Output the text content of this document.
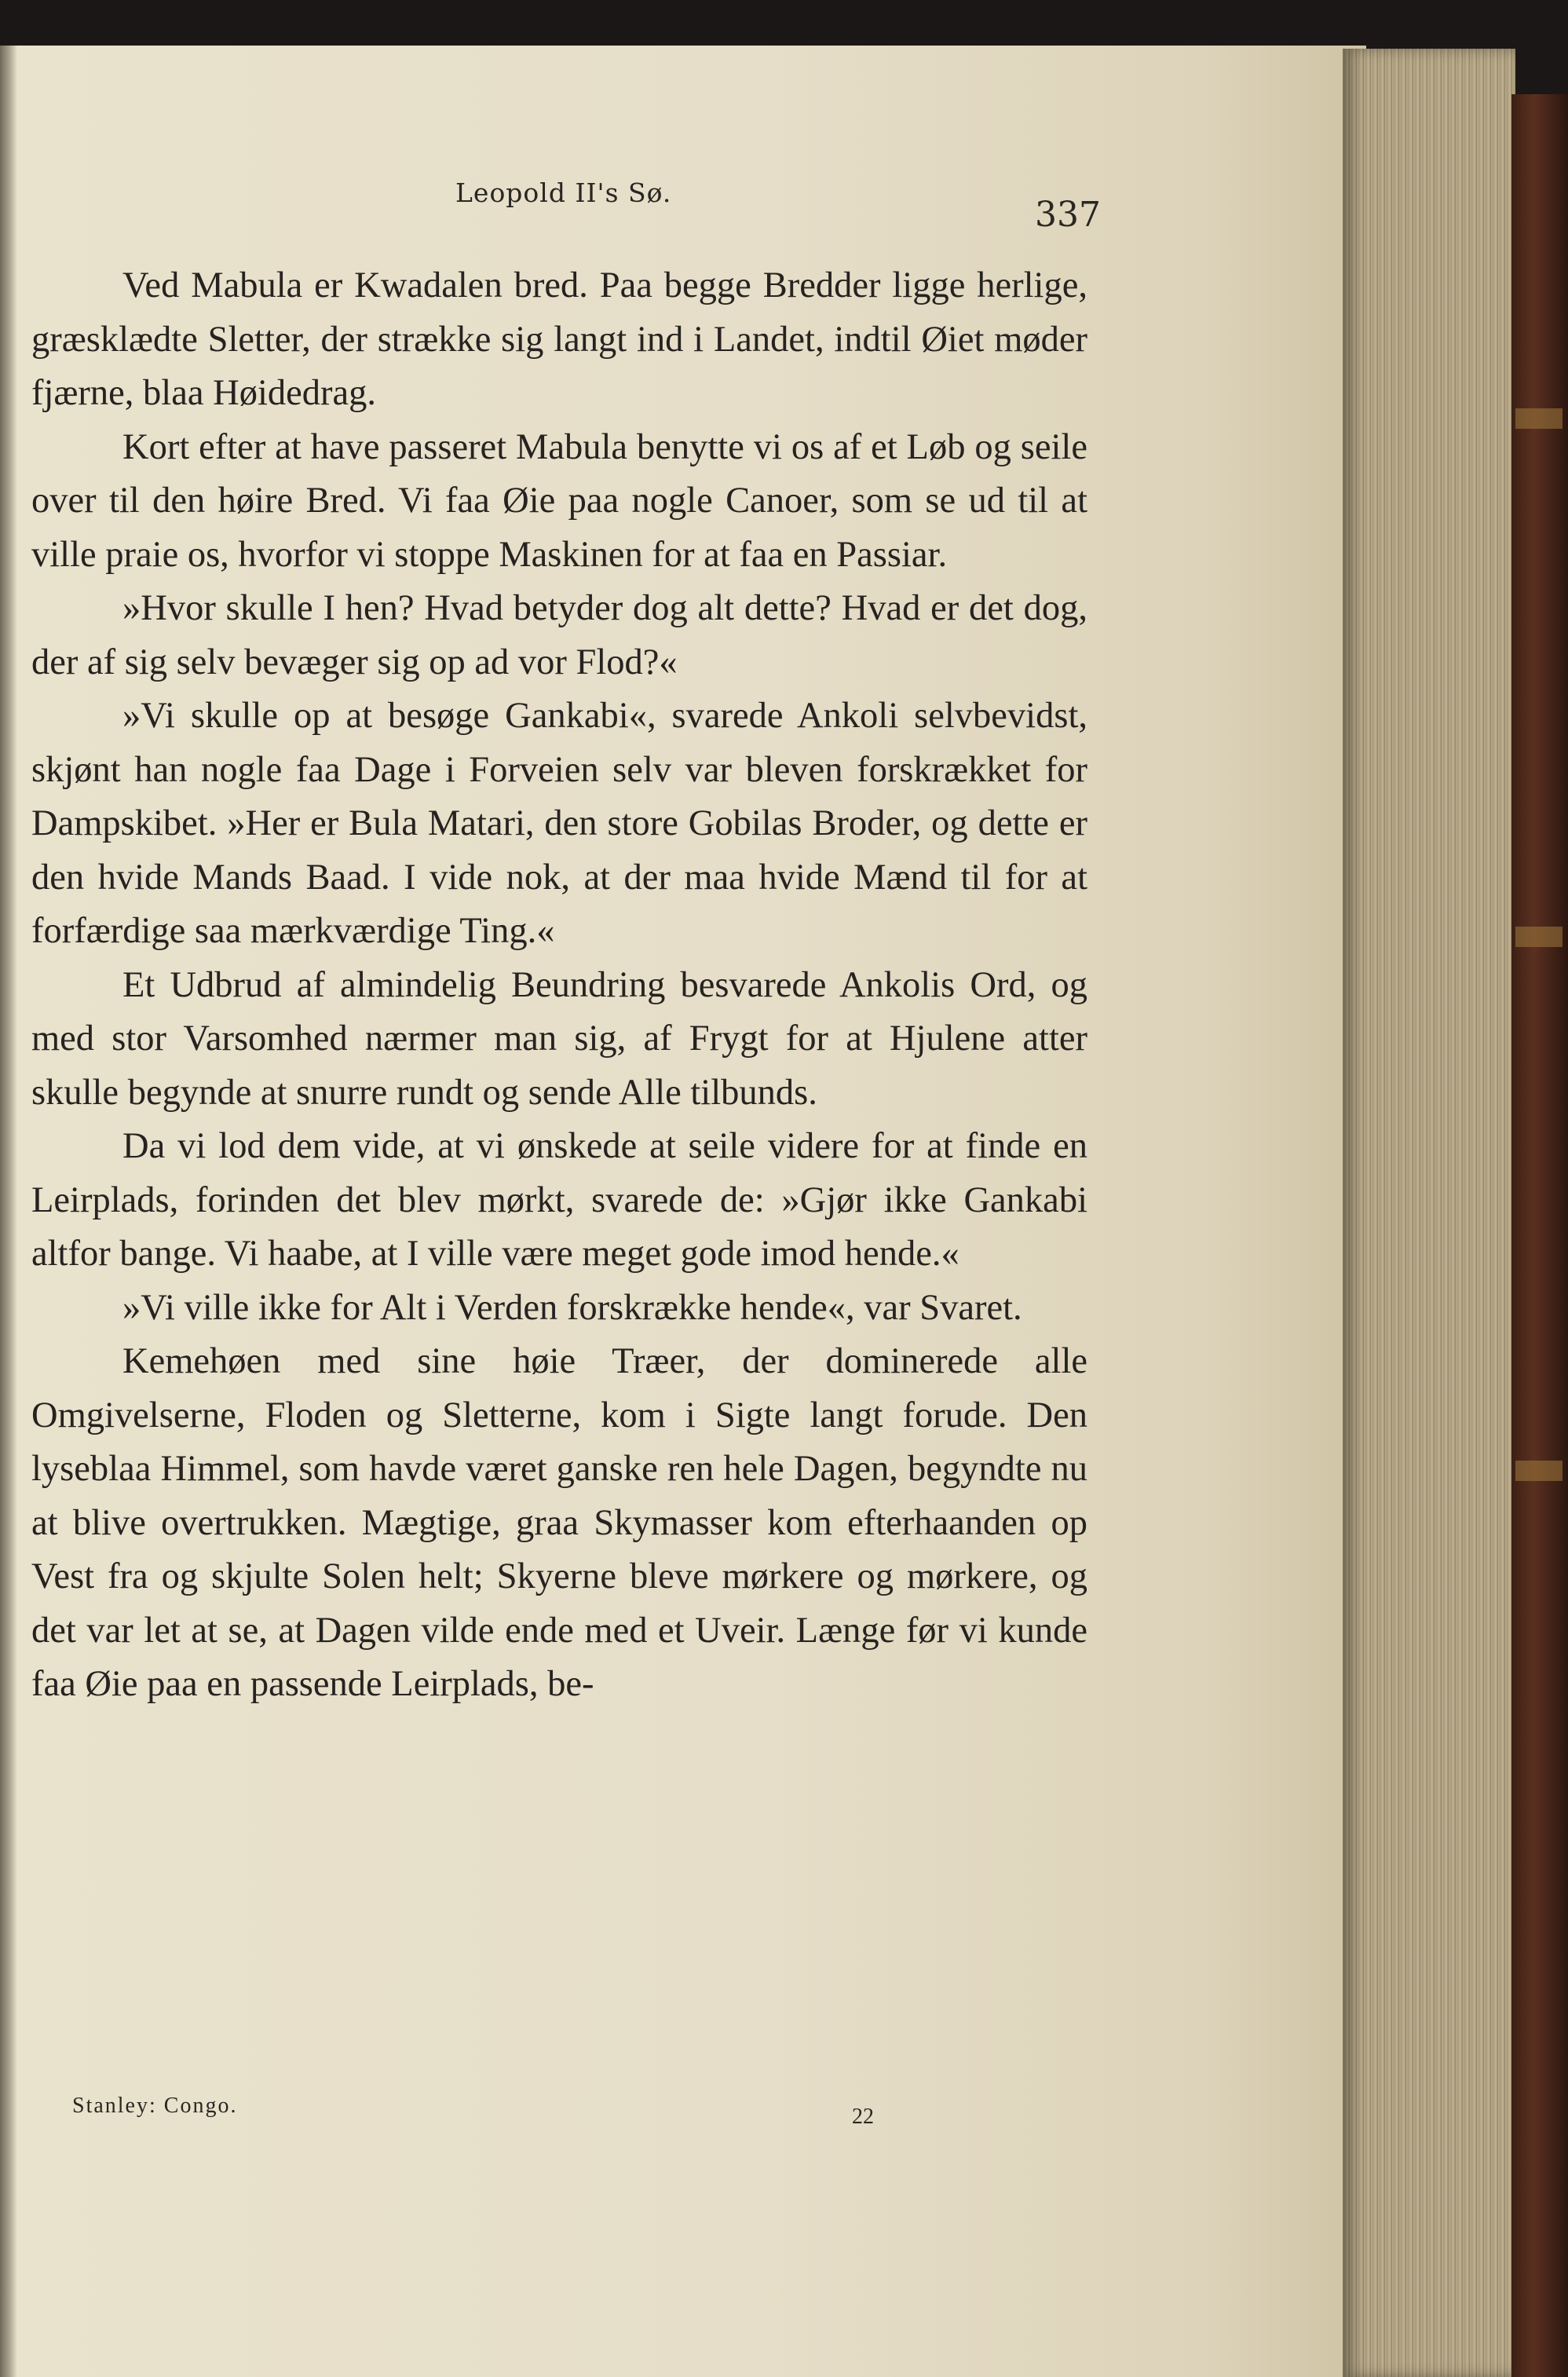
Leopold II's Sø.
337

Ved Mabula er Kwadalen bred. Paa begge Bredder ligge herlige, græsklædte Sletter, der strække sig langt ind i Landet, indtil Øiet møder fjærne, blaa Høidedrag.

Kort efter at have passeret Mabula benytte vi os af et Løb og seile over til den høire Bred. Vi faa Øie paa nogle Canoer, som se ud til at ville praie os, hvorfor vi stoppe Maskinen for at faa en Passiar.

»Hvor skulle I hen? Hvad betyder dog alt dette? Hvad er det dog, der af sig selv bevæger sig op ad vor Flod?«

»Vi skulle op at besøge Gankabi«, svarede Ankoli selvbevidst, skjønt han nogle faa Dage i Forveien selv var bleven forskrækket for Dampskibet. »Her er Bula Matari, den store Gobilas Broder, og dette er den hvide Mands Baad. I vide nok, at der maa hvide Mænd til for at forfærdige saa mærkværdige Ting.«

Et Udbrud af almindelig Beundring besvarede Ankolis Ord, og med stor Varsomhed nærmer man sig, af Frygt for at Hjulene atter skulle begynde at snurre rundt og sende Alle tilbunds.

Da vi lod dem vide, at vi ønskede at seile videre for at finde en Leirplads, forinden det blev mørkt, svarede de: »Gjør ikke Gankabi altfor bange. Vi haabe, at I ville være meget gode imod hende.«

»Vi ville ikke for Alt i Verden forskrække hende«, var Svaret.

Kemehøen med sine høie Træer, der dominerede alle Omgivelserne, Floden og Sletterne, kom i Sigte langt forude. Den lyseblaa Himmel, som havde været ganske ren hele Dagen, begyndte nu at blive overtrukken. Mægtige, graa Skymasser kom efterhaanden op Vest fra og skjulte Solen helt; Skyerne bleve mørkere og mørkere, og det var let at se, at Dagen vilde ende med et Uveir. Længe før vi kunde faa Øie paa en passende Leirplads, be-

Stanley: Congo.	22
